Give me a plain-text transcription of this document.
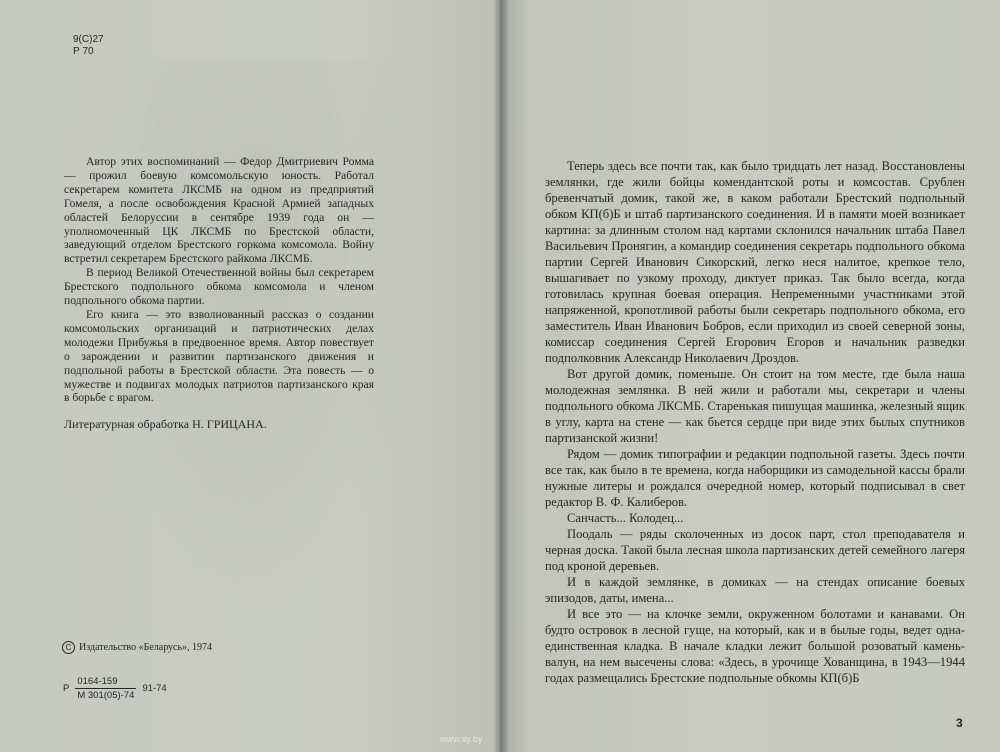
9(С)27
Р 70

Автор этих воспоминаний — Федор Дмитриевич Ромма — прожил боевую комсомольскую юность. Работал секретарем комитета ЛКСМБ на одном из предприятий Гомеля, а после освобождения Красной Армией западных областей Белоруссии в сентябре 1939 года он — уполномоченный ЦК ЛКСМБ по Брестской области, заведующий отделом Брестского горкома комсомола. Войну встретил секретарем Брестского райкома ЛКСМБ.

В период Великой Отечественной войны был секретарем Брестского подпольного обкома комсомола и членом подпольного обкома партии.

Его книга — это взволнованный рассказ о создании комсомольских организаций и патриотических делах молодежи Прибужья в предвоенное время. Автор повествует о зарождении и развитии партизанского движения и подпольной работы в Брестской области. Эта повесть — о мужестве и подвигах молодых патриотов партизанского края в борьбе с врагом.

Литературная обработка Н. ГРИЦАНА.
С Издательство «Беларусь», 1974
Р $\frac{0164-159}{М 301(05)-74} 91-74$

Теперь здесь все почти так, как было тридцать лет назад. Восстановлены землянки, где жили бойцы комендантской роты и комсостав. Срублен бревенчатый домик, такой же, в каком работали Брестский подпольный обком КП(б)Б и штаб партизанского соединения. И в памяти моей возникает картина: за длинным столом над картами склонился начальник штаба Павел Васильевич Пронягин, а командир соединения секретарь подпольного обкома партии Сергей Иванович Сикорский, легко неся налитое, крепкое тело, вышагивает по узкому проходу, диктует приказ. Так было всегда, когда готовилась крупная боевая операция. Непременными участниками этой напряженной, кропотливой работы были секретарь подпольного обкома, его заместитель Иван Иванович Бобров, если приходил из своей северной зоны, комиссар соединения Сергей Егорович Егоров и начальник разведки подполковник Александр Николаевич Дроздов.

Вот другой домик, поменьше. Он стоит на том месте, где была наша молодежная землянка. В ней жили и работали мы, секретари и члены подпольного обкома ЛКСМБ. Старенькая пишущая машинка, железный ящик в углу, карта на стене — как бьется сердце при виде этих былых спутников партизанской жизни!

Рядом — домик типографии и редакции подпольной газеты. Здесь почти все так, как было в те времена, когда наборщики из самодельной кассы брали нужные литеры и рождался очередной номер, который подписывал в свет редактор В. Ф. Калиберов.

Санчасть... Колодец...

Поодаль — ряды сколоченных из досок парт, стол преподавателя и черная доска. Такой была лесная школа партизанских детей семейного лагеря под кроной деревьев.

И в каждой землянке, в домиках — на стендах описание боевых эпизодов, даты, имена...

И все это — на клочке земли, окруженном болотами и канавами. Он будто островок в лесной гуще, на который, как и в былые годы, ведет одна-единственная кладка. В начале кладки лежит большой розоватый камень-валун, на нем высечены слова: «Здесь, в урочище Хованщина, в 1943—1944 годах размещались Брестские подпольные обкомы КП(б)Б

3
www.ay.by
